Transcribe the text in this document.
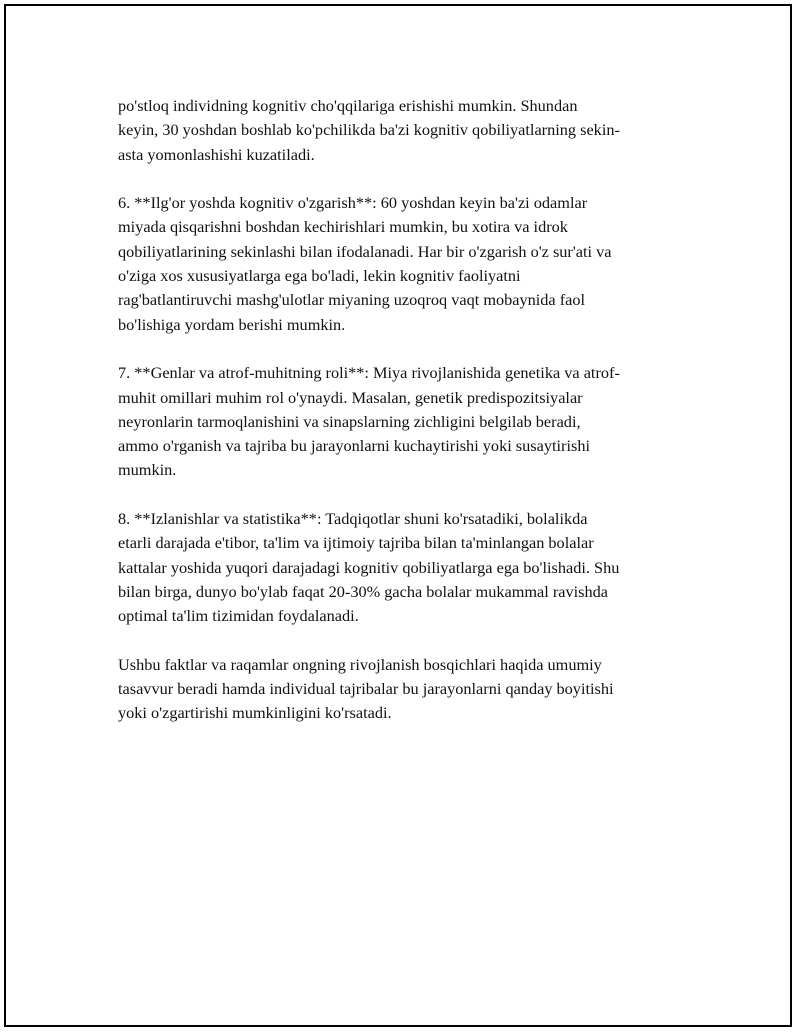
po'stloq individning kognitiv cho'qqilariga erishishi mumkin. Shundan
keyin, 30 yoshdan boshlab ko'pchilikda ba'zi kognitiv qobiliyatlarning sekin-
asta yomonlashishi kuzatiladi.

6. **Ilg'or yoshda kognitiv o'zgarish**: 60 yoshdan keyin ba'zi odamlar
miyada qisqarishni boshdan kechirishlari mumkin, bu xotira va idrok
qobiliyatlarining sekinlashi bilan ifodalanadi. Har bir o'zgarish o'z sur'ati va
o'ziga xos xususiyatlarga ega bo'ladi, lekin kognitiv faoliyatni
rag'batlantiruvchi mashg'ulotlar miyaning uzoqroq vaqt mobaynida faol
bo'lishiga yordam berishi mumkin.

7. **Genlar va atrof-muhitning roli**: Miya rivojlanishida genetika va atrof-
muhit omillari muhim rol o'ynaydi. Masalan, genetik predispozitsiyalar
neyronlarin tarmoqlanishini va sinapslarning zichligini belgilab beradi,
ammo o'rganish va tajriba bu jarayonlarni kuchaytirishi yoki susaytirishi
mumkin.

8. **Izlanishlar va statistika**: Tadqiqotlar shuni ko'rsatadiki, bolalikda
etarli darajada e'tibor, ta'lim va ijtimoiy tajriba bilan ta'minlangan bolalar
kattalar yoshida yuqori darajadagi kognitiv qobiliyatlarga ega bo'lishadi. Shu
bilan birga, dunyo bo'ylab faqat 20-30% gacha bolalar mukammal ravishda
optimal ta'lim tizimidan foydalanadi.

Ushbu faktlar va raqamlar ongning rivojlanish bosqichlari haqida umumiy
tasavvur beradi hamda individual tajribalar bu jarayonlarni qanday boyitishi
yoki o'zgartirishi mumkinligini ko'rsatadi.
